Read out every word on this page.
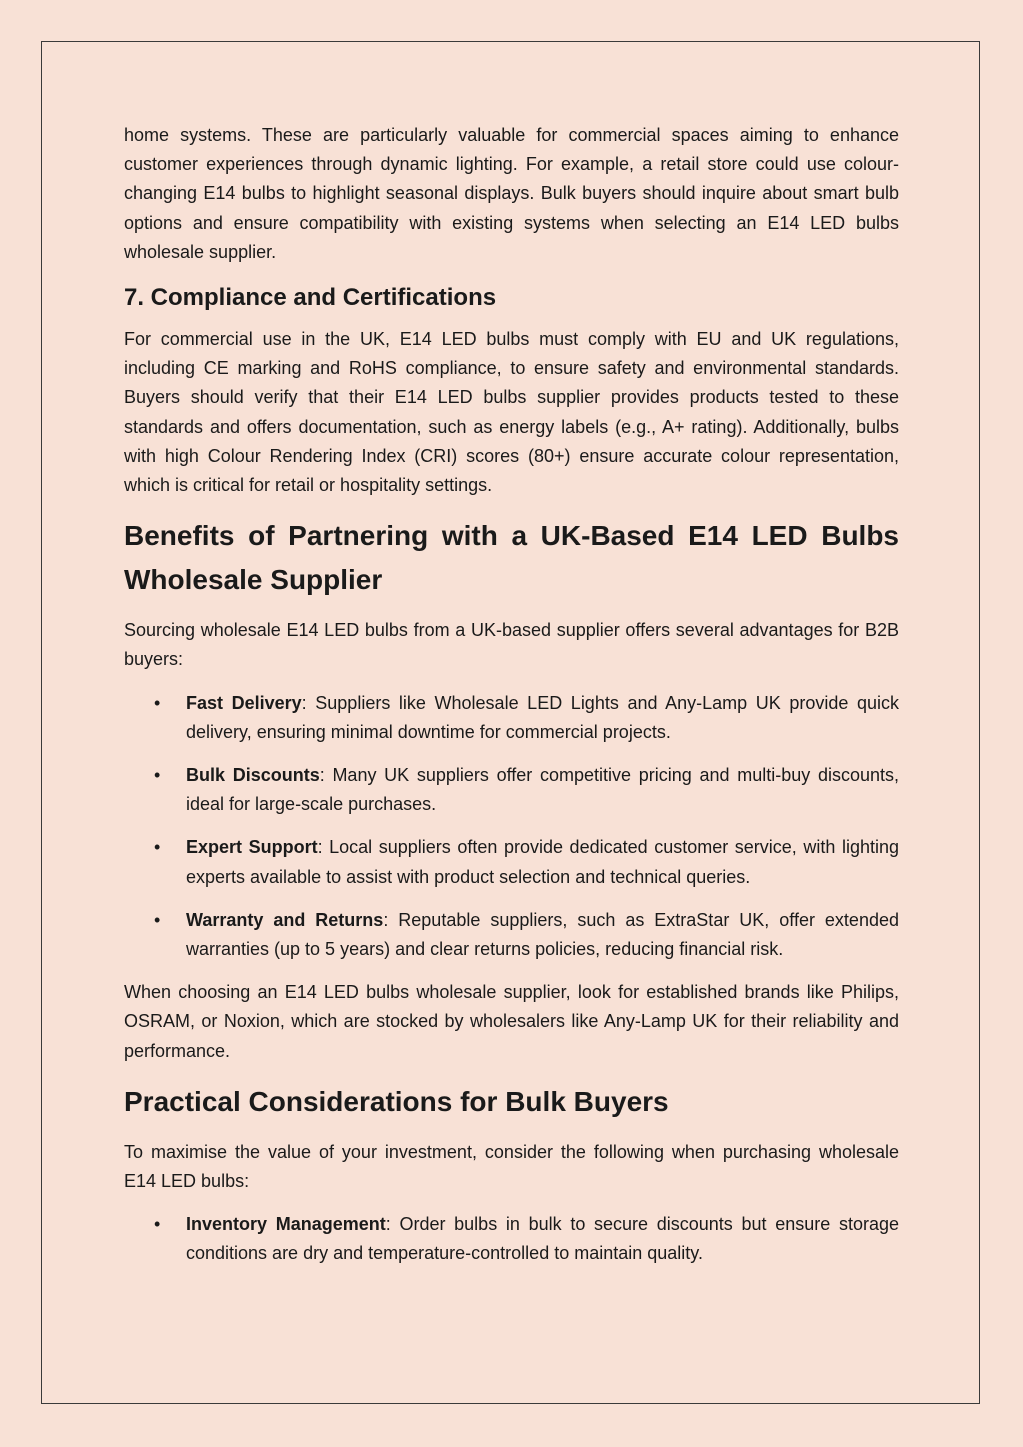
home systems. These are particularly valuable for commercial spaces aiming to enhance customer experiences through dynamic lighting. For example, a retail store could use colour-changing E14 bulbs to highlight seasonal displays. Bulk buyers should inquire about smart bulb options and ensure compatibility with existing systems when selecting an E14 LED bulbs wholesale supplier.

7. Compliance and Certifications

For commercial use in the UK, E14 LED bulbs must comply with EU and UK regulations, including CE marking and RoHS compliance, to ensure safety and environmental standards. Buyers should verify that their E14 LED bulbs supplier provides products tested to these standards and offers documentation, such as energy labels (e.g., A+ rating). Additionally, bulbs with high Colour Rendering Index (CRI) scores (80+) ensure accurate colour representation, which is critical for retail or hospitality settings.

Benefits of Partnering with a UK-Based E14 LED Bulbs Wholesale Supplier

Sourcing wholesale E14 LED bulbs from a UK-based supplier offers several advantages for B2B buyers:

• Fast Delivery: Suppliers like Wholesale LED Lights and Any-Lamp UK provide quick delivery, ensuring minimal downtime for commercial projects.
• Bulk Discounts: Many UK suppliers offer competitive pricing and multi-buy discounts, ideal for large-scale purchases.
• Expert Support: Local suppliers often provide dedicated customer service, with lighting experts available to assist with product selection and technical queries.
• Warranty and Returns: Reputable suppliers, such as ExtraStar UK, offer extended warranties (up to 5 years) and clear returns policies, reducing financial risk.

When choosing an E14 LED bulbs wholesale supplier, look for established brands like Philips, OSRAM, or Noxion, which are stocked by wholesalers like Any-Lamp UK for their reliability and performance.

Practical Considerations for Bulk Buyers

To maximise the value of your investment, consider the following when purchasing wholesale E14 LED bulbs:

• Inventory Management: Order bulbs in bulk to secure discounts but ensure storage conditions are dry and temperature-controlled to maintain quality.
